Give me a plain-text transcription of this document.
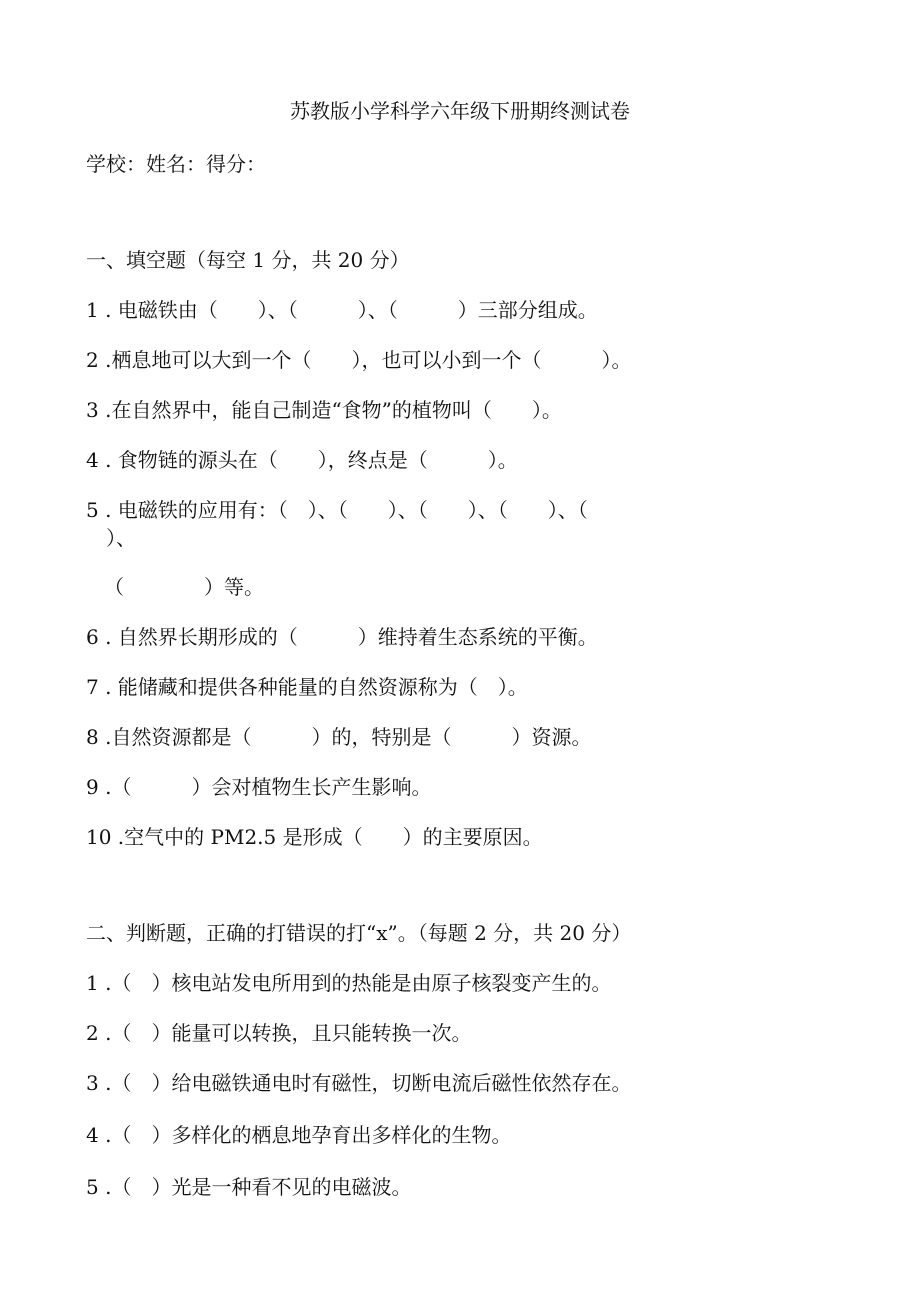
苏教版小学科学六年级下册期终测试卷
学校：姓名：得分：
一、填空题（每空 1 分，共 20 分）
1 . 电磁铁由（　　）、（　　　）、（　　　）三部分组成。
2 .栖息地可以大到一个（　　），也可以小到一个（　　　）。
3 .在自然界中，能自己制造“食物”的植物叫（　　）。
4 . 食物链的源头在（　　），终点是（　　　）。
5 . 电磁铁的应用有：（　）、（　　）、（　　）、（　　）、（
　）、
（　　　　）等。
6 . 自然界长期形成的（　　　）维持着生态系统的平衡。
7 . 能储藏和提供各种能量的自然资源称为（　）。
8 .自然资源都是（　　　）的，特别是（　　　）资源。
9 .（　　　）会对植物生长产生影响。
10 .空气中的 PM2.5 是形成（　　）的主要原因。
二、判断题，正确的打错误的打“x”。（每题 2 分，共 20 分）
1 .（　）核电站发电所用到的热能是由原子核裂变产生的。
2 .（　）能量可以转换，且只能转换一次。
3 .（　）给电磁铁通电时有磁性，切断电流后磁性依然存在。
4 .（　）多样化的栖息地孕育出多样化的生物。
5 .（　）光是一种看不见的电磁波。
